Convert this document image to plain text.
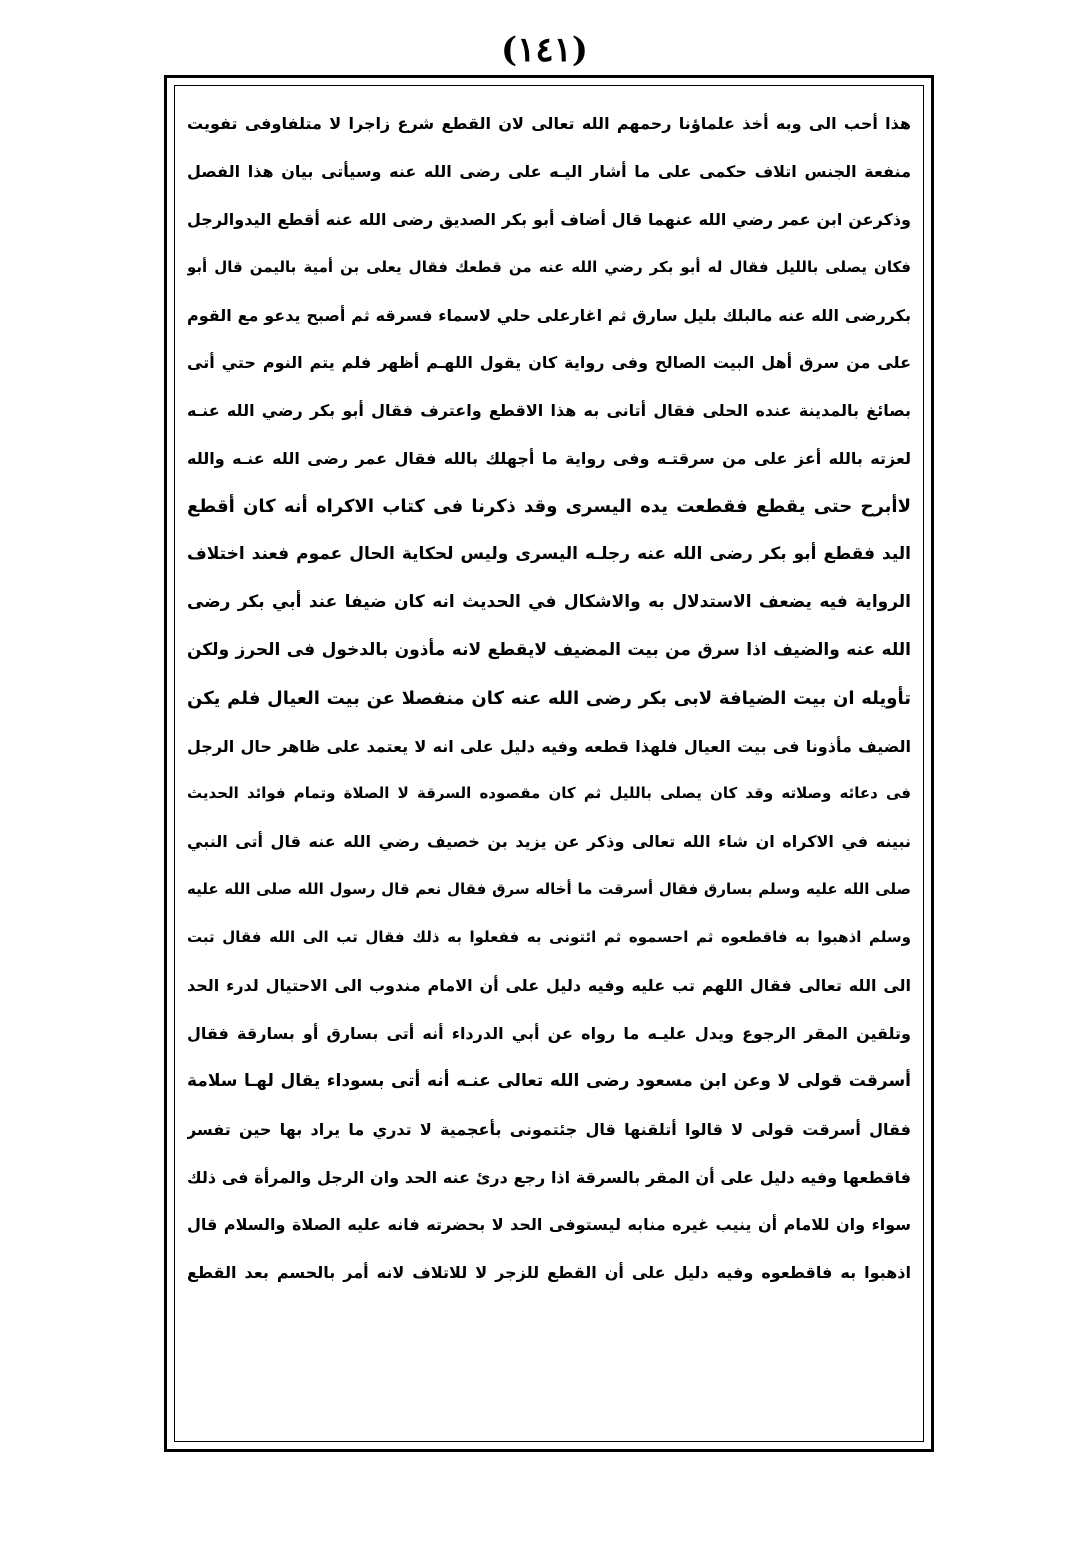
(١٤١)
هذا أحب الى وبه أخذ علماؤنا رحمهم الله تعالى لان القطع شرع زاجرا لا متلفاوفى تفويت
منفعة الجنس اتلاف حكمى على ما أشار اليـه على رضى الله عنه وسيأتى بيان هذا الفصل
وذكرعن ابن عمر رضي الله عنهما قال أضاف أبو بكر الصديق رضى الله عنه أقطع اليدوالرجل
فكان يصلى بالليل فقال له أبو بكر رضي الله عنه من قطعك فقال يعلى بن أمية باليمن قال أبو
بكررضى الله عنه مالبلك بليل سارق ثم اغارعلى حلي لاسماء فسرقه ثم أصبح يدعو مع القوم
على من سرق أهل البيت الصالح وفى رواية كان يقول اللهـم أظهر فلم يتم النوم حتي أتى
بصائغ بالمدينة عنده الحلى فقال أتانى به هذا الاقطع واعترف فقال أبو بكر رضي الله عنـه
لعزته بالله أعز على من سرقتـه وفى رواية ما أجهلك بالله فقال عمر رضى الله عنـه والله
لاأبرح حتى يقطع فقطعت يده اليسرى وقد ذكرنا فى كتاب الاكراه أنه كان أقطع
اليد فقطع أبو بكر رضى الله عنه رجلـه اليسرى وليس لحكاية الحال عموم فعند اختلاف
الرواية فيه يضعف الاستدلال به والاشكال في الحديث انه كان ضيفا عند أبي بكر رضى
الله عنه والضيف اذا سرق من بيت المضيف لايقطع لانه مأذون بالدخول فى الحرز ولكن
تأويله ان بيت الضيافة لابى بكر رضى الله عنه كان منفصلا عن بيت العيال فلم يكن
الضيف مأذونا فى بيت العيال فلهذا قطعه وفيه دليل على انه لا يعتمد على ظاهر حال الرجل
فى دعائه وصلاته وقد كان يصلى بالليل ثم كان مقصوده السرقة لا الصلاة وتمام فوائد الحديث
نبينه في الاكراه ان شاء الله تعالى وذكر عن يزيد بن خصيف رضي الله عنه قال أتى النبي
صلى الله عليه وسلم بسارق فقال أسرقت ما أخاله سرق فقال نعم قال رسول الله صلى الله عليه
وسلم اذهبوا به فاقطعوه ثم احسموه ثم ائتونى به ففعلوا به ذلك فقال تب الى الله فقال تبت
الى الله تعالى فقال اللهم تب عليه وفيه دليل على أن الامام مندوب الى الاحتيال لدرء الحد
وتلقين المقر الرجوع ويدل عليـه ما رواه عن أبي الدرداء أنه أتى بسارق أو بسارقة فقال
أسرقت قولى لا وعن ابن مسعود رضى الله تعالى عنـه أنه أتى بسوداء يقال لهـا سلامة
فقال أسرقت قولى لا قالوا أتلقنها قال جئتمونى بأعجمية لا تدري ما يراد بها حين تفسر
فاقطعها وفيه دليل على أن المقر بالسرقة اذا رجع درئ عنه الحد وان الرجل والمرأة فى ذلك
سواء وان للامام أن ينيب غيره منابه ليستوفى الحد لا بحضرته فانه عليه الصلاة والسلام قال
اذهبوا به فاقطعوه وفيه دليل على أن القطع للزجر لا للاتلاف لانه أمر بالحسم بعد القطع
